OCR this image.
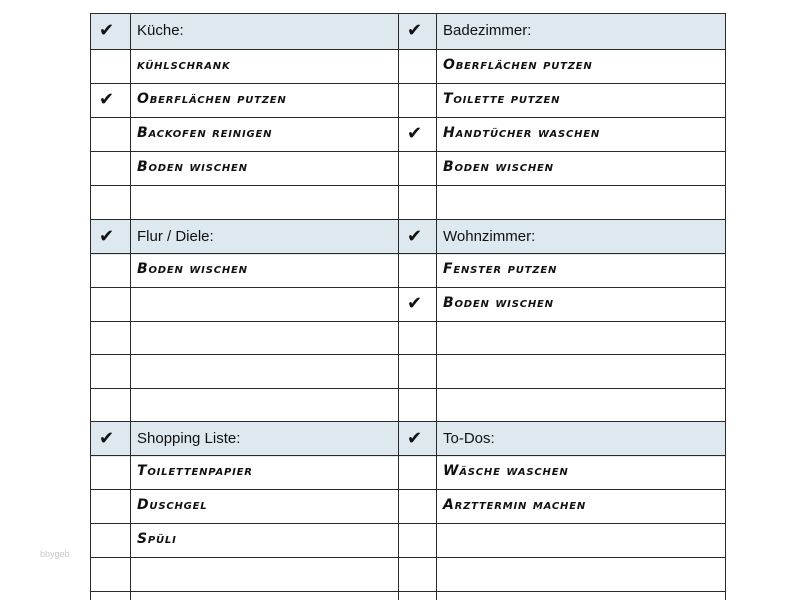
✔ Küche:
kühlschrank
✔ Oberflächen putzen
Backofen reinigen
Boden wischen
✔ Badezimmer:
Oberflächen putzen
Toilette putzen
✔ Handtücher waschen
Boden wischen
✔ Flur / Diele:
Boden wischen
✔ Wohnzimmer:
Fenster putzen
✔ Boden wischen
✔ Shopping Liste:
Toilettenpapier
Duschgel
Spüli
✔ To-Dos:
Wäsche waschen
Arzttermin machen
bbygeb
